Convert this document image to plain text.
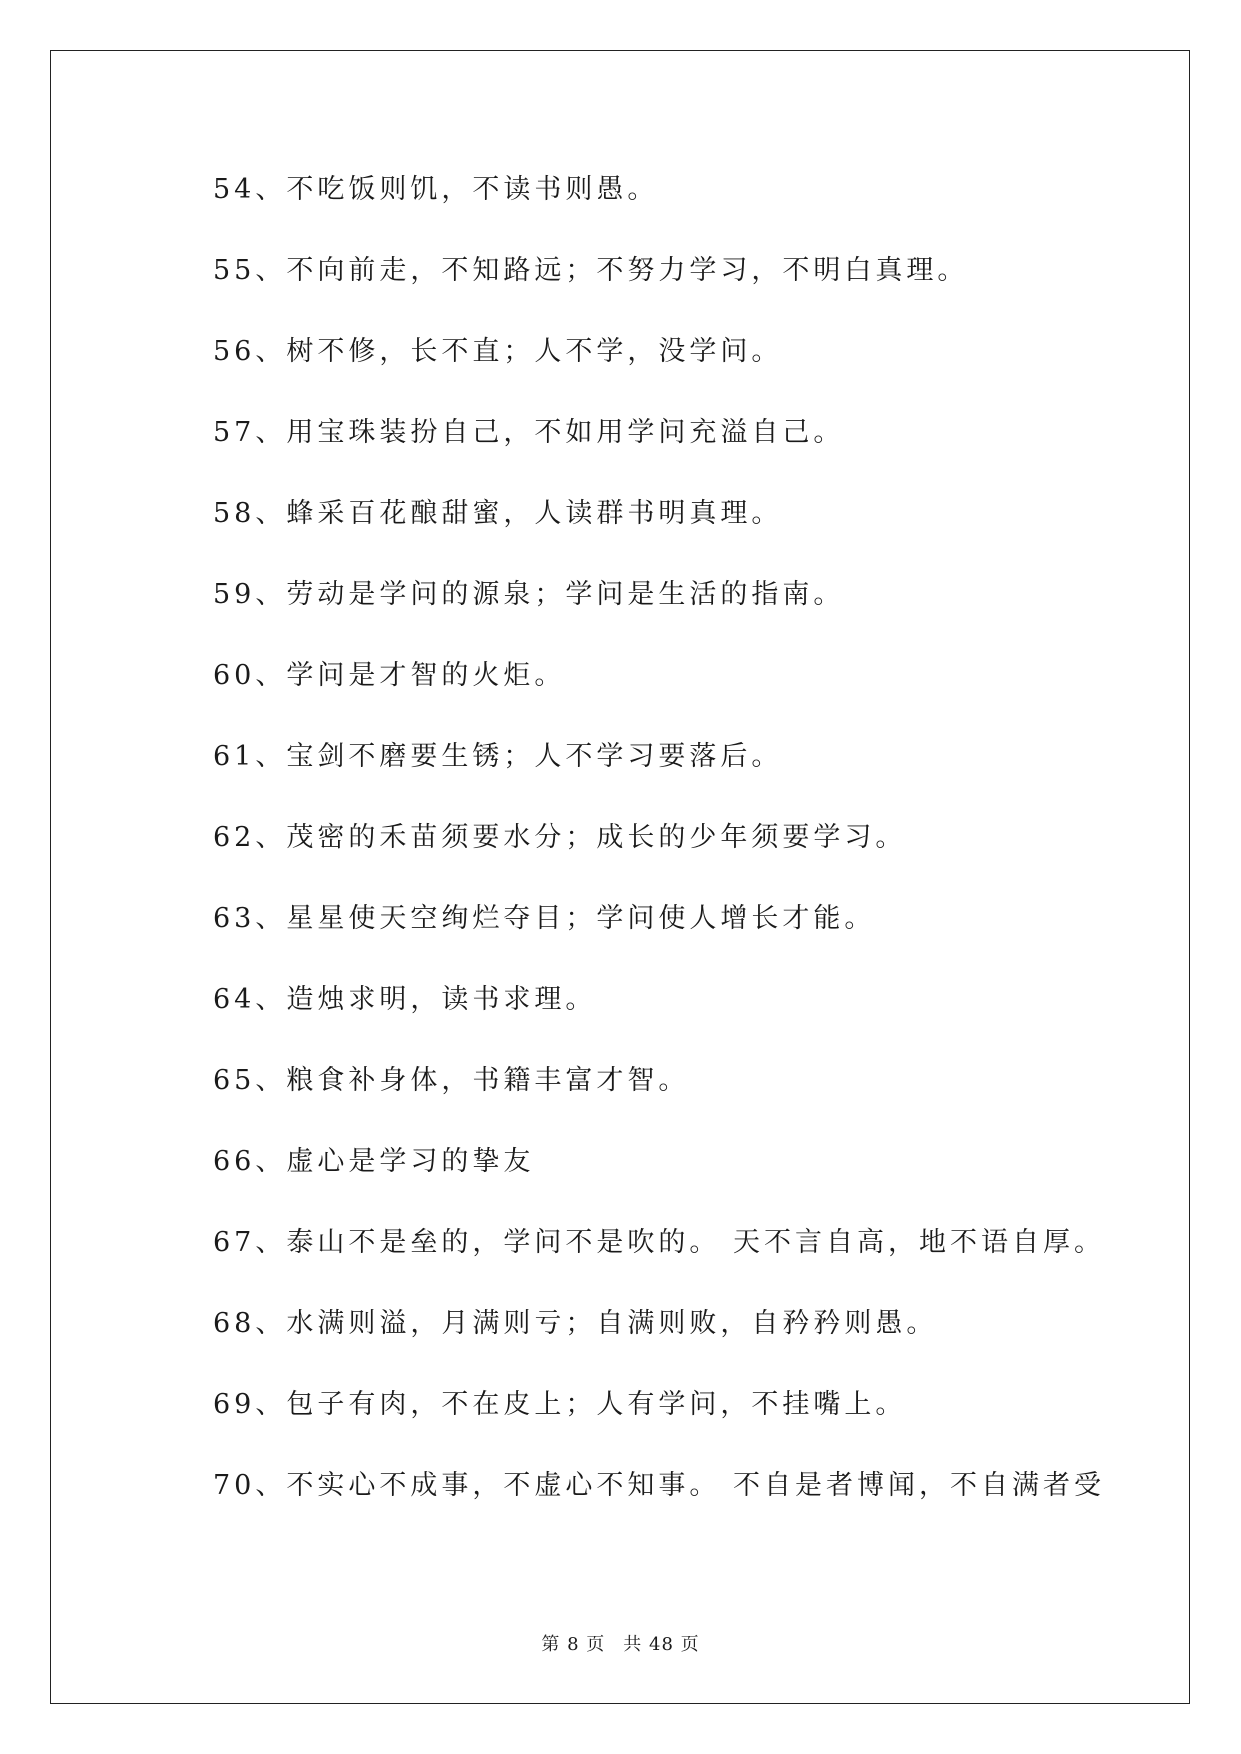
54、不吃饭则饥，不读书则愚。
55、不向前走，不知路远；不努力学习，不明白真理。
56、树不修，长不直；人不学，没学问。
57、用宝珠装扮自己，不如用学问充溢自己。
58、蜂采百花酿甜蜜，人读群书明真理。
59、劳动是学问的源泉；学问是生活的指南。
60、学问是才智的火炬。
61、宝剑不磨要生锈；人不学习要落后。
62、茂密的禾苗须要水分；成长的少年须要学习。
63、星星使天空绚烂夺目；学问使人增长才能。
64、造烛求明，读书求理。
65、粮食补身体，书籍丰富才智。
66、虚心是学习的挚友
67、泰山不是垒的，学问不是吹的。 天不言自高，地不语自厚。
68、水满则溢，月满则亏；自满则败，自矜矜则愚。
69、包子有肉，不在皮上；人有学问，不挂嘴上。
70、不实心不成事，不虚心不知事。 不自是者博闻，不自满者受
第 8 页 共 48 页
